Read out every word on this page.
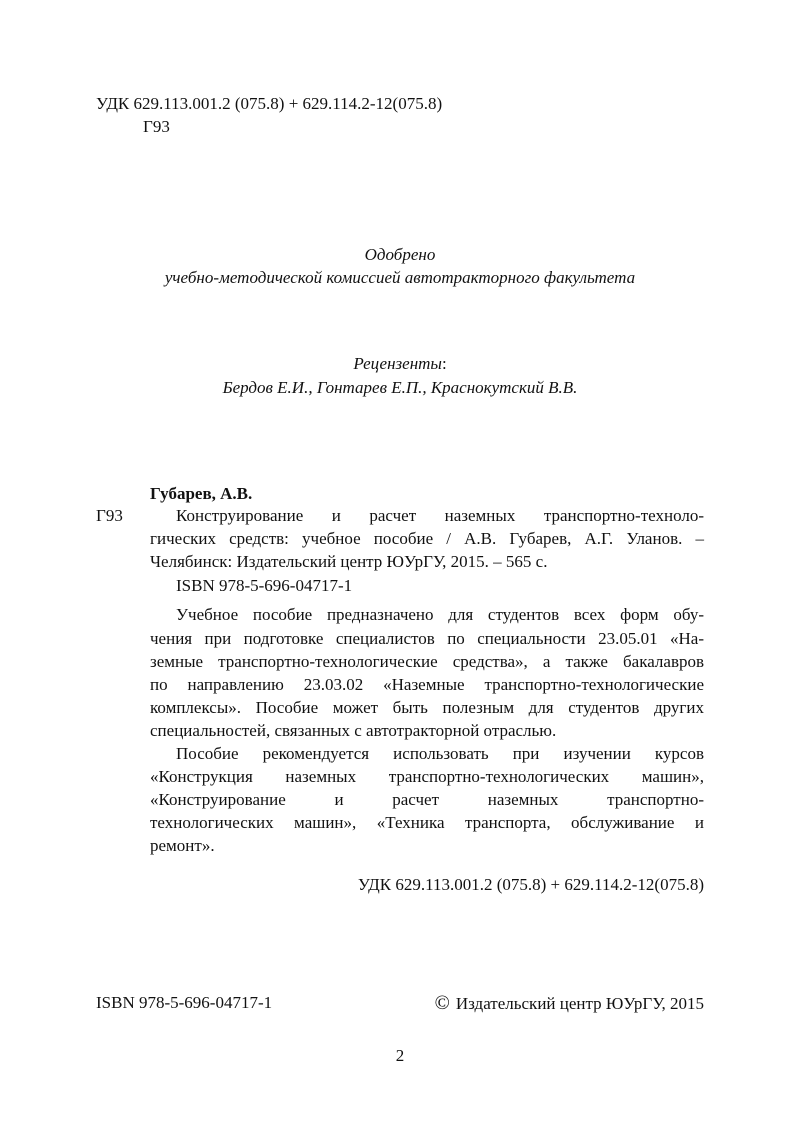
УДК 629.113.001.2 (075.8) + 629.114.2-12(075.8)
Г93
Одобрено
учебно-методической комиссией автотракторного факультета
Рецензенты:
Бердов Е.И., Гонтарев Е.П., Краснокутский В.В.
Губарев, А.В.
Г93	Конструирование и расчет наземных транспортно-техноло-
гических средств: учебное пособие / А.В. Губарев, А.Г. Уланов. –
Челябинск: Издательский центр ЮУрГУ, 2015. – 565 с.
ISBN 978-5-696-04717-1
Учебное пособие предназначено для студентов всех форм обу-
чения при подготовке специалистов по специальности 23.05.01 «На-
земные транспортно-технологические средства», а также бакалавров
по направлению 23.03.02 «Наземные транспортно-технологические
комплексы». Пособие может быть полезным для студентов других
специальностей, связанных с автотракторной отраслью.
Пособие рекомендуется использовать при изучении курсов
«Конструкция наземных транспортно-технологических машин»,
«Конструирование и расчет наземных транспортно-
технологических машин», «Техника транспорта, обслуживание и
ремонт».
УДК 629.113.001.2 (075.8) + 629.114.2-12(075.8)
ISBN 978-5-696-04717-1	© Издательский центр ЮУрГУ, 2015
2
